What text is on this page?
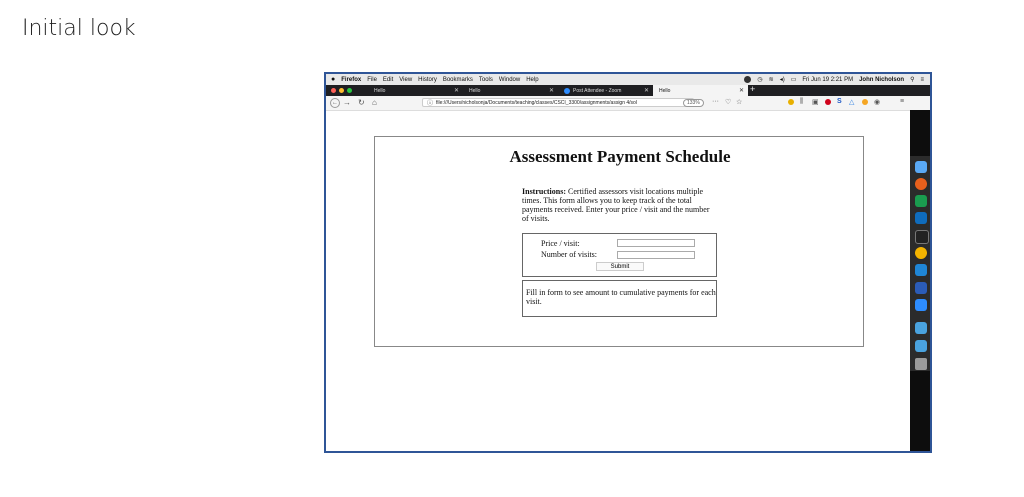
Initial look
● Firefox File Edit View History Bookmarks Tools Window Help	◷ ≋ ◂) ▭ Fri Jun 19 2:21 PM John Nicholson ⚲ ≡
Hello	✕ Hello	✕	Post Attendee - Zoom	✕ Hello	✕ +
← → ↻ ⌂	ⓘ file:///Users/nicholsonja/Documents/teaching/classes/CSCI_3300/assignments/assign 4/sol	133%	··· ♡ ☆	⫼ ▣	S △	◉	≡
Assessment Payment Schedule
Instructions: Certified assessors visit locations multiple times. This form allows you to keep track of the total payments received. Enter your price / visit and the number of visits.
Price / visit:
Number of visits:
Submit
Fill in form to see amount to cumulative payments for each visit.
